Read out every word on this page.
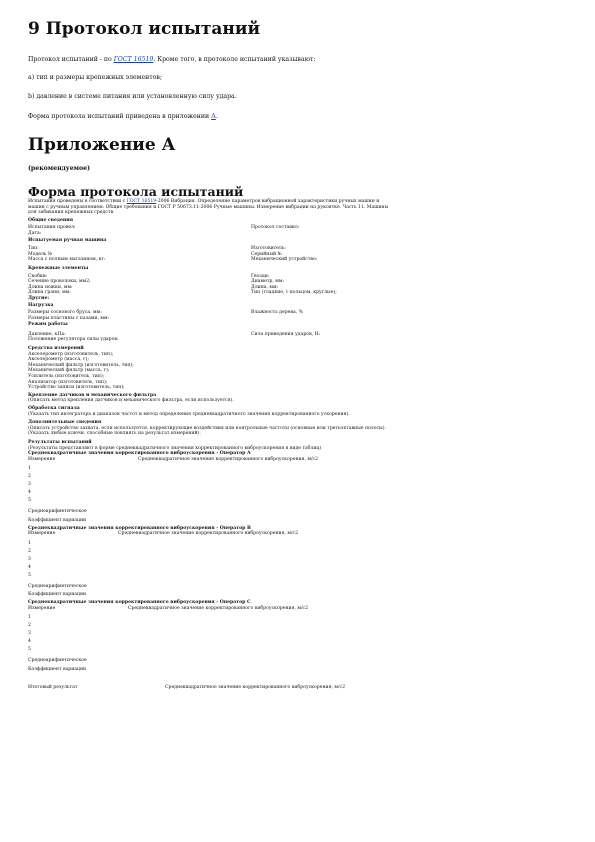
9 Протокол испытаний
Протокол испытаний - по ГОСТ 16519. Кроме того, в протоколе испытаний указывают:
а) тип и размеры крепежных элементов;
b) давление в системе питания или установленную силу удара.
Форма протокола испытаний приведена в приложении А.
Приложение А
(рекомендуемое)
Форма протокола испытаний

Испытания проведены в соответствии с ГОСТ 16519-2006 Вибрация. Определение параметров вибрационной характеристики ручных машин и

машин с ручным управлением. Общие требования и ГОСТ Р 50673.11-2006 Ручные машины. Измерение вибрации на рукоятке. Часть 11. Машины

для забивания крепежных средств.

Общие сведения

Испытания провел:	Протокол составил:

Дата:

Испытуемая ручная машина

Тип:	Изготовитель:
Модель №	Серийный №
Масса с полным магазином, кг:	Механический устройство:

Крепежные элементы

Скобки:	Гвозди:
Сечение проволоки, мм2;	Диаметр, мм:
Длина ножки, мм:	Длина, мм:
Длина грани, мм:	Тип (гладкие, с кольцом, круглые);

Другие:

Нагрузка

Размеры соснового бруса, мм:	Влажность дерева, %

Размеры пластины с пазами, мм:

Режим работы

Давление, кПа:	Сила приведения ударов, Н:

Положение регулятора силы ударов:

Средства измерений

Акселерометр (изготовитель, тип);

Акселерометр (масса, г);

Механический фильтр (изготовитель, тип);

Механический фильтр (масса, г);

Усилитель (изготовитель, тип);

Анализатор (изготовитель, тип);

Устройство записи (изготовитель, тип);

Крепление датчиков и механического фильтра

(Описать метод крепления датчиков и механического фильтра, если используется).

Обработка сигнала

(Указать тип интегратора и диапазон частот и метод определения среднеквадратичного значения корректированного ускорения).

Дополнительные сведения

(Описать устройство захвата, если используется, корректирующие воздействия или контрольные частоты (основные или третьоктавные полосы).

(Указать любые ключи, способные повлиять на результат измерений).

Результаты испытаний

(Результаты представляют в форме среднеквадратичного значения корректированного виброускорения в виде таблиц)

Среднеквадратичные значения корректированного виброускорения - Оператор А

Измерение	Среднеквадратичное значение корректированного виброускорения, м/с2

1

2

3

4

5

Среднеарифметическое

Коэффициент вариации

Среднеквадратичные значения корректированного виброускорения - Оператор В

Измерение	Среднеквадратичное значение корректированного виброускорения, м/с2

1

2

3

4

5

Среднеарифметическое

Коэффициент вариации

Среднеквадратичные значения корректированного виброускорения - Оператор С

Измерение	Среднеквадратичное значение корректированного виброускорения, м/с2

1

2

3

4

5

Среднеарифметическое

Коэффициент вариации

Итоговый результат	Среднеквадратичное значение корректированного виброускорения, м/с2
